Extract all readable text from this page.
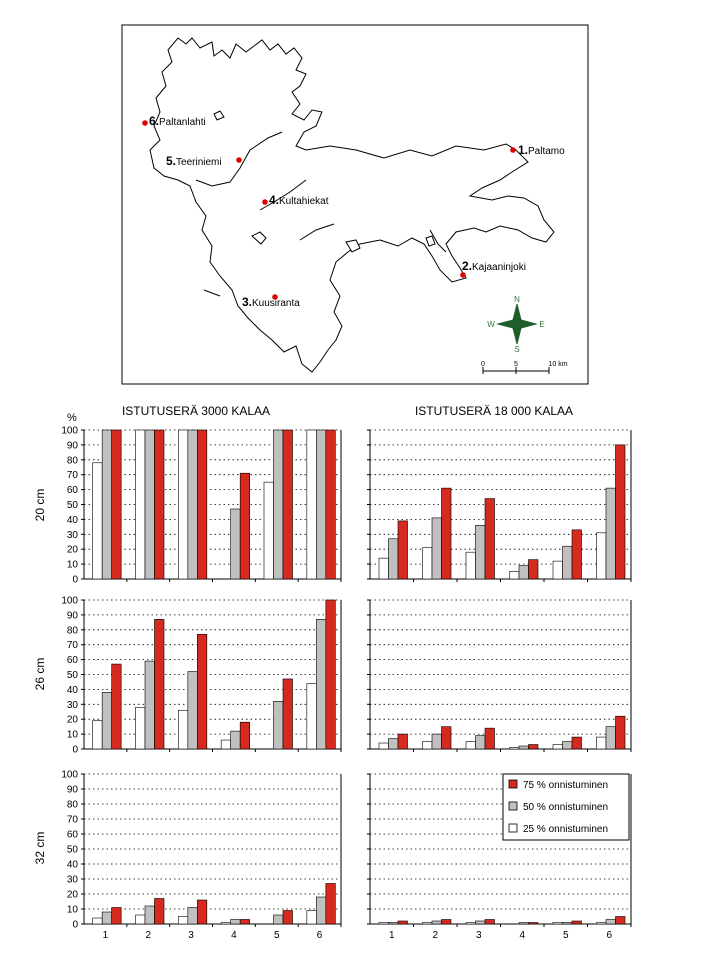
1.Paltamo
2.Kajaaninjoki
3.Kuusiranta
4.Kultahiekat
5.Teeriniemi
6.Paltanlahti
N
S
E
W
0	5	10 km
ISTUTUSERÄ 3000 KALAA	ISTUTUSERÄ 18 000 KALAA
%
20 cm
26 cm
32 cm
0
10
20
30
40
50
60
70
80
90
100
0
10
20
30
40
50
60
70
80
90
100
0
10
20
30
40
50
60
70
80
90
100
1	2	3	4	5	6	1	2	3	4	5	6
75 % onnistuminen
50 % onnistuminen
25 % onnistuminen
